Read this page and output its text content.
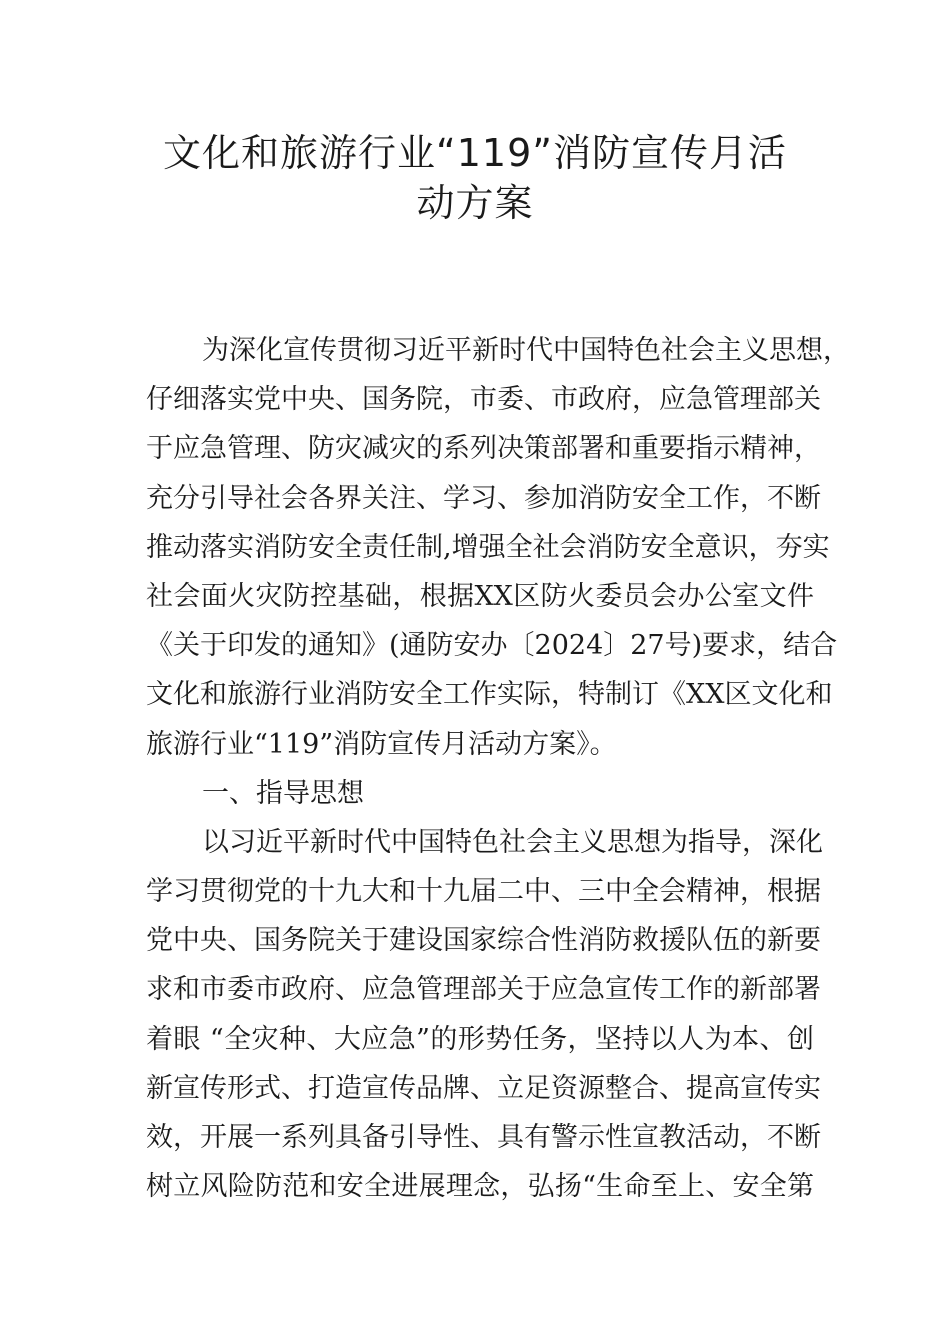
文化和旅游行业“119”消防宣传月活
动方案
为深化宣传贯彻习近平新时代中国特色社会主义思想，
仔细落实党中央、国务院，市委、市政府，应急管理部关
于应急管理、防灾减灾的系列决策部署和重要指示精神，
充分引导社会各界关注、学习、参加消防安全工作，不断
推动落实消防安全责任制,增强全社会消防安全意识，夯实
社会面火灾防控基础，根据XX区防火委员会办公室文件
《关于印发的通知》(通防安办〔2024〕27号)要求，结合
文化和旅游行业消防安全工作实际，特制订《XX区文化和
旅游行业“119”消防宣传月活动方案》。
一、指导思想
以习近平新时代中国特色社会主义思想为指导，深化
学习贯彻党的十九大和十九届二中、三中全会精神，根据
党中央、国务院关于建设国家综合性消防救援队伍的新要
求和市委市政府、应急管理部关于应急宣传工作的新部署
着眼 “全灾种、大应急”的形势任务，坚持以人为本、创
新宣传形式、打造宣传品牌、立足资源整合、提高宣传实
效，开展一系列具备引导性、具有警示性宣教活动，不断
树立风险防范和安全进展理念，弘扬“生命至上、安全第
